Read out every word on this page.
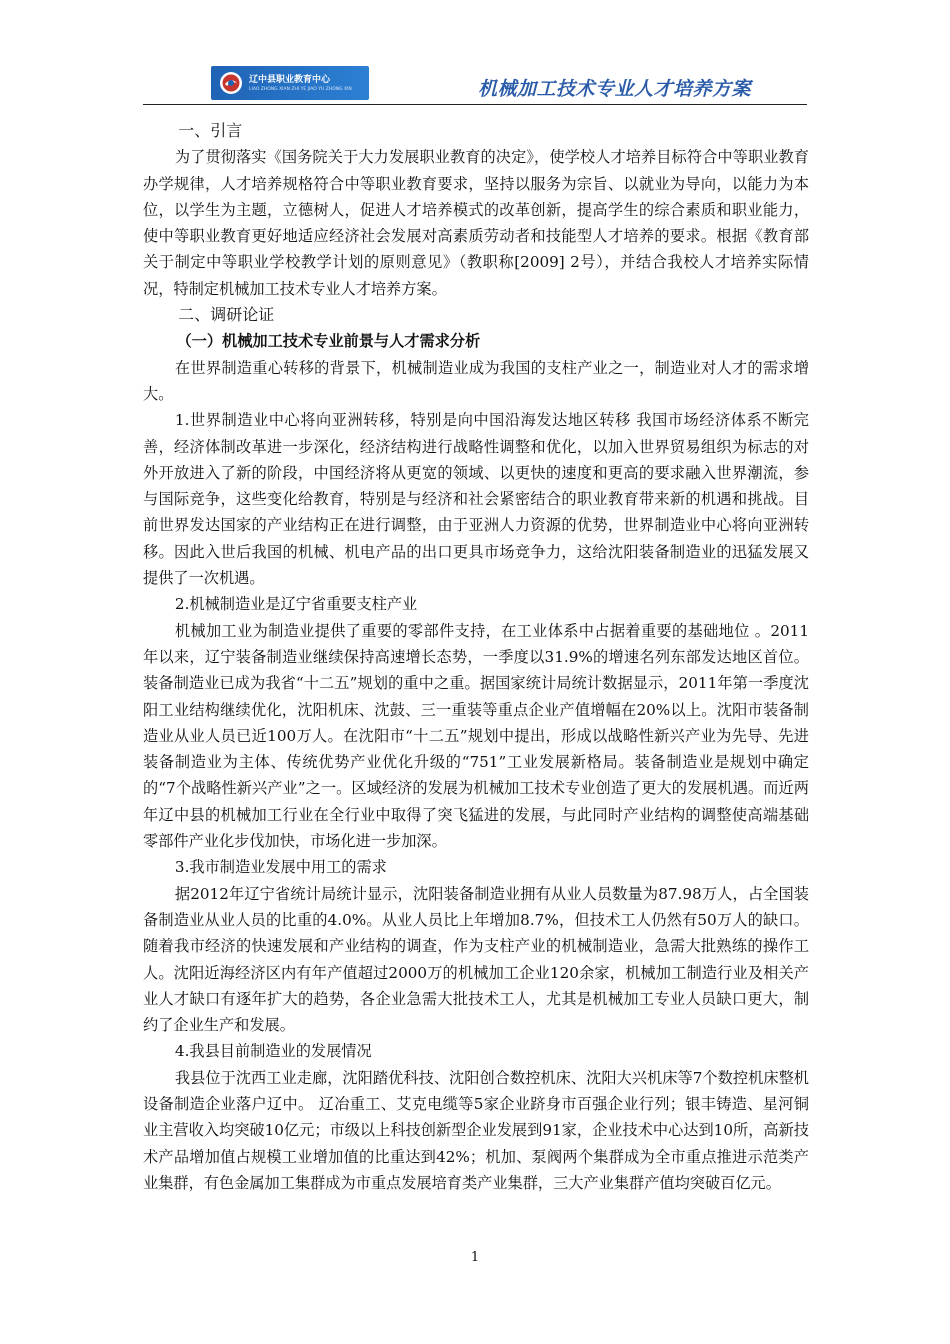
辽中县职业教育中心
LIAO ZHONG XIAN ZHI YE JIAO YU ZHONG XIN	机械加工技术专业人才培养方案

一、引言

为了贯彻落实《国务院关于大力发展职业教育的决定》，使学校人才培养目标符合中等职业教育办学规律，人才培养规格符合中等职业教育要求，坚持以服务为宗旨、以就业为导向，以能力为本位，以学生为主题，立德树人，促进人才培养模式的改革创新，提高学生的综合素质和职业能力，使中等职业教育更好地适应经济社会发展对高素质劳动者和技能型人才培养的要求。根据《教育部关于制定中等职业学校教学计划的原则意见》（教职称[2009] 2号），并结合我校人才培养实际情况，特制定机械加工技术专业人才培养方案。

二、调研论证

（一）机械加工技术专业前景与人才需求分析

在世界制造重心转移的背景下，机械制造业成为我国的支柱产业之一，制造业对人才的需求增大。

1.世界制造业中心将向亚洲转移，特别是向中国沿海发达地区转移 我国市场经济体系不断完善，经济体制改革进一步深化，经济结构进行战略性调整和优化，以加入世界贸易组织为标志的对外开放进入了新的阶段，中国经济将从更宽的领域、以更快的速度和更高的要求融入世界潮流，参与国际竞争，这些变化给教育，特别是与经济和社会紧密结合的职业教育带来新的机遇和挑战。目前世界发达国家的产业结构正在进行调整，由于亚洲人力资源的优势，世界制造业中心将向亚洲转移。因此入世后我国的机械、机电产品的出口更具市场竞争力，这给沈阳装备制造业的迅猛发展又提供了一次机遇。

2.机械制造业是辽宁省重要支柱产业

机械加工业为制造业提供了重要的零部件支持，在工业体系中占据着重要的基础地位 。2011年以来，辽宁装备制造业继续保持高速增长态势，一季度以31.9%的增速名列东部发达地区首位。装备制造业已成为我省“十二五”规划的重中之重。据国家统计局统计数据显示，2011年第一季度沈阳工业结构继续优化，沈阳机床、沈鼓、三一重装等重点企业产值增幅在20%以上。沈阳市装备制造业从业人员已近100万人。在沈阳市“十二五”规划中提出，形成以战略性新兴产业为先导、先进装备制造业为主体、传统优势产业优化升级的“751”工业发展新格局。装备制造业是规划中确定的“7个战略性新兴产业”之一。区域经济的发展为机械加工技术专业创造了更大的发展机遇。而近两年辽中县的机械加工行业在全行业中取得了突飞猛进的发展，与此同时产业结构的调整使高端基础零部件产业化步伐加快，市场化进一步加深。

3.我市制造业发展中用工的需求

据2012年辽宁省统计局统计显示，沈阳装备制造业拥有从业人员数量为87.98万人，占全国装备制造业从业人员的比重的4.0%。从业人员比上年增加8.7%，但技术工人仍然有50万人的缺口。随着我市经济的快速发展和产业结构的调查，作为支柱产业的机械制造业，急需大批熟练的操作工人。沈阳近海经济区内有年产值超过2000万的机械加工企业120余家，机械加工制造行业及相关产业人才缺口有逐年扩大的趋势，各企业急需大批技术工人，尤其是机械加工专业人员缺口更大，制约了企业生产和发展。

4.我县目前制造业的发展情况

我县位于沈西工业走廊，沈阳踏优科技、沈阳创合数控机床、沈阳大兴机床等7个数控机床整机设备制造企业落户辽中。 辽冶重工、艾克电缆等5家企业跻身市百强企业行列；银丰铸造、星河铜业主营收入均突破10亿元；市级以上科技创新型企业发展到91家，企业技术中心达到10所，高新技术产品增加值占规模工业增加值的比重达到42%；机加、泵阀两个集群成为全市重点推进示范类产业集群，有色金属加工集群成为市重点发展培育类产业集群，三大产业集群产值均突破百亿元。

1
